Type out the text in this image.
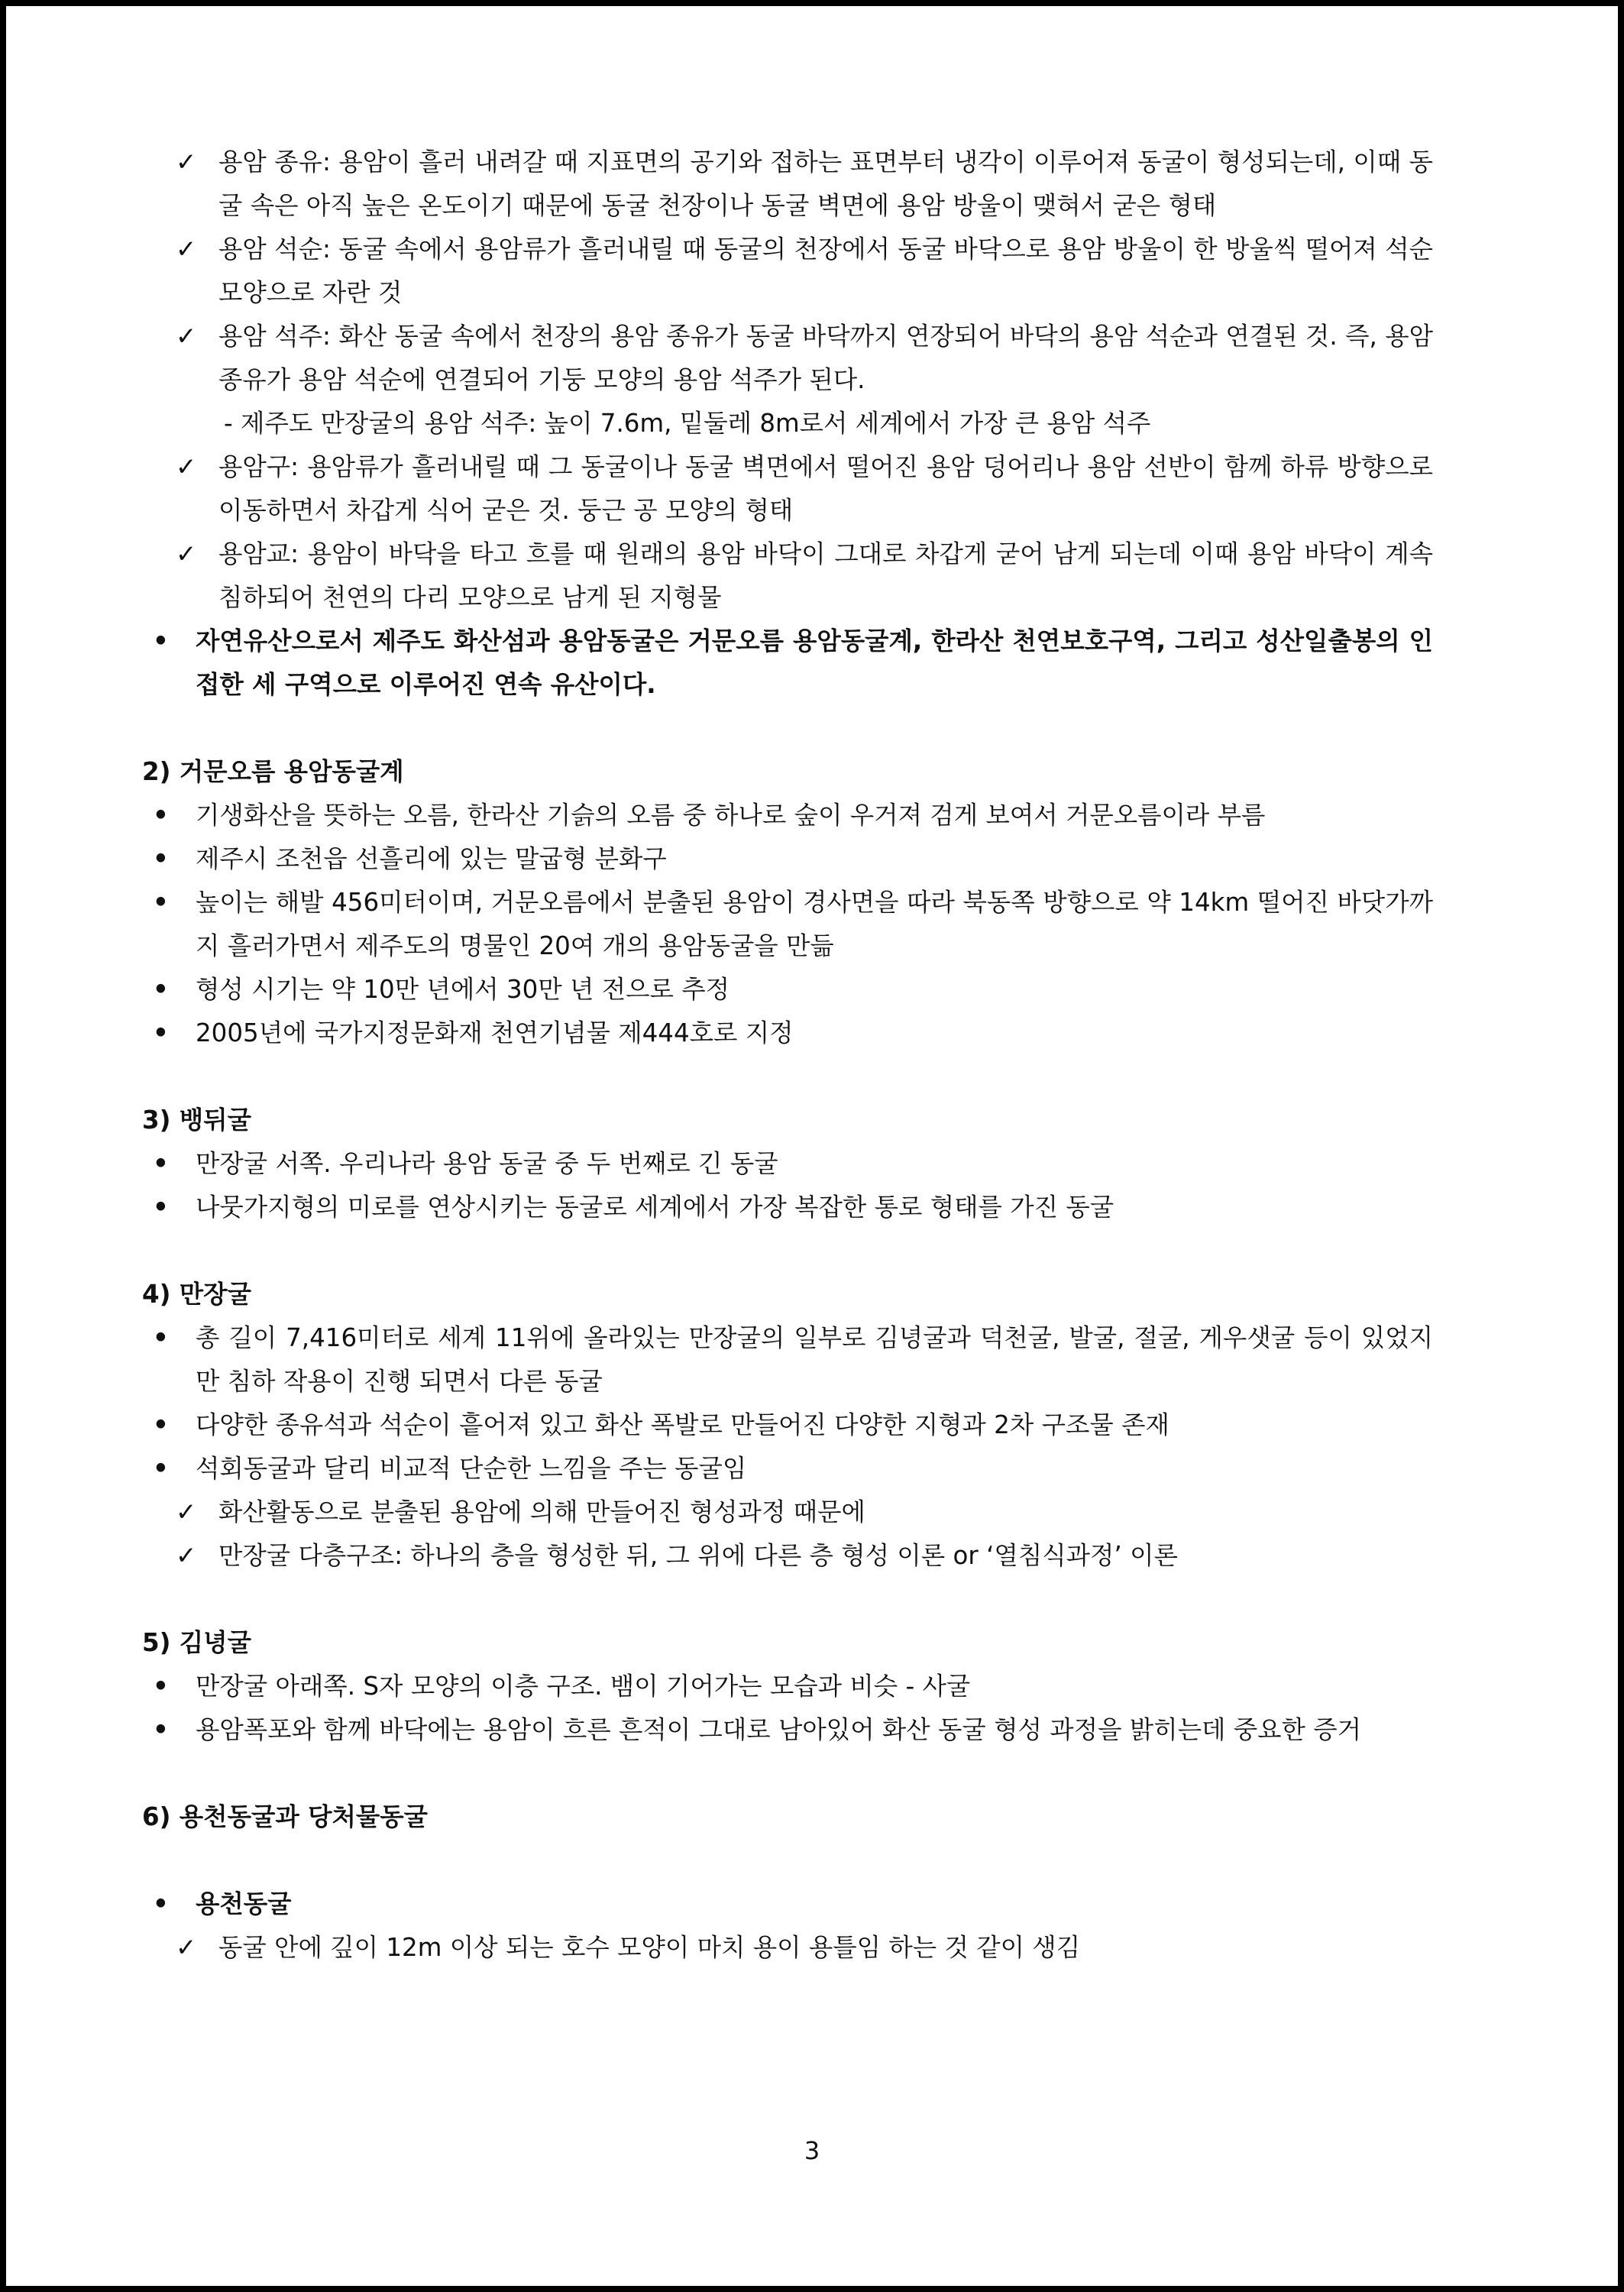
✓ 용암 종유: 용암이 흘러 내려갈 때 지표면의 공기와 접하는 표면부터 냉각이 이루어져 동굴이 형성되는데, 이때 동굴 속은 아직 높은 온도이기 때문에 동굴 천장이나 동굴 벽면에 용암 방울이 맺혀서 굳은 형태
✓ 용암 석순: 동굴 속에서 용암류가 흘러내릴 때 동굴의 천장에서 동굴 바닥으로 용암 방울이 한 방울씩 떨어져 석순 모양으로 자란 것
✓ 용암 석주: 화산 동굴 속에서 천장의 용암 종유가 동굴 바닥까지 연장되어 바닥의 용암 석순과 연결된 것. 즉, 용암 종유가 용암 석순에 연결되어 기둥 모양의 용암 석주가 된다.
- 제주도 만장굴의 용암 석주: 높이 7.6m, 밑둘레 8m로서 세계에서 가장 큰 용암 석주
✓ 용암구: 용암류가 흘러내릴 때 그 동굴이나 동굴 벽면에서 떨어진 용암 덩어리나 용암 선반이 함께 하류 방향으로 이동하면서 차갑게 식어 굳은 것. 둥근 공 모양의 형태
✓ 용암교: 용암이 바닥을 타고 흐를 때 원래의 용암 바닥이 그대로 차갑게 굳어 남게 되는데 이때 용암 바닥이 계속 침하되어 천연의 다리 모양으로 남게 된 지형물
• 자연유산으로서 제주도 화산섬과 용암동굴은 거문오름 용암동굴계, 한라산 천연보호구역, 그리고 성산일출봉의 인접한 세 구역으로 이루어진 연속 유산이다.
2) 거문오름 용암동굴계
• 기생화산을 뜻하는 오름, 한라산 기슭의 오름 중 하나로 숲이 우거져 검게 보여서 거문오름이라 부름
• 제주시 조천읍 선흘리에 있는 말굽형 분화구
• 높이는 해발 456미터이며, 거문오름에서 분출된 용암이 경사면을 따라 북동쪽 방향으로 약 14km 떨어진 바닷가까지 흘러가면서 제주도의 명물인 20여 개의 용암동굴을 만듦
• 형성 시기는 약 10만 년에서 30만 년 전으로 추정
• 2005년에 국가지정문화재 천연기념물 제444호로 지정
3) 뱅뒤굴
• 만장굴 서쪽. 우리나라 용암 동굴 중 두 번째로 긴 동굴
• 나뭇가지형의 미로를 연상시키는 동굴로 세계에서 가장 복잡한 통로 형태를 가진 동굴
4) 만장굴
• 총 길이 7,416미터로 세계 11위에 올라있는 만장굴의 일부로 김녕굴과 덕천굴, 발굴, 절굴, 게우샛굴 등이 있었지만 침하 작용이 진행 되면서 다른 동굴
• 다양한 종유석과 석순이 흩어져 있고 화산 폭발로 만들어진 다양한 지형과 2차 구조물 존재
• 석회동굴과 달리 비교적 단순한 느낌을 주는 동굴임
✓ 화산활동으로 분출된 용암에 의해 만들어진 형성과정 때문에
✓ 만장굴 다층구조: 하나의 층을 형성한 뒤, 그 위에 다른 층 형성 이론 or ‘열침식과정’ 이론
5) 김녕굴
• 만장굴 아래쪽. S자 모양의 이층 구조. 뱀이 기어가는 모습과 비슷 - 사굴
• 용암폭포와 함께 바닥에는 용암이 흐른 흔적이 그대로 남아있어 화산 동굴 형성 과정을 밝히는데 중요한 증거
6) 용천동굴과 당처물동굴
• 용천동굴
✓ 동굴 안에 깊이 12m 이상 되는 호수 모양이 마치 용이 용틀임 하는 것 같이 생김
3
